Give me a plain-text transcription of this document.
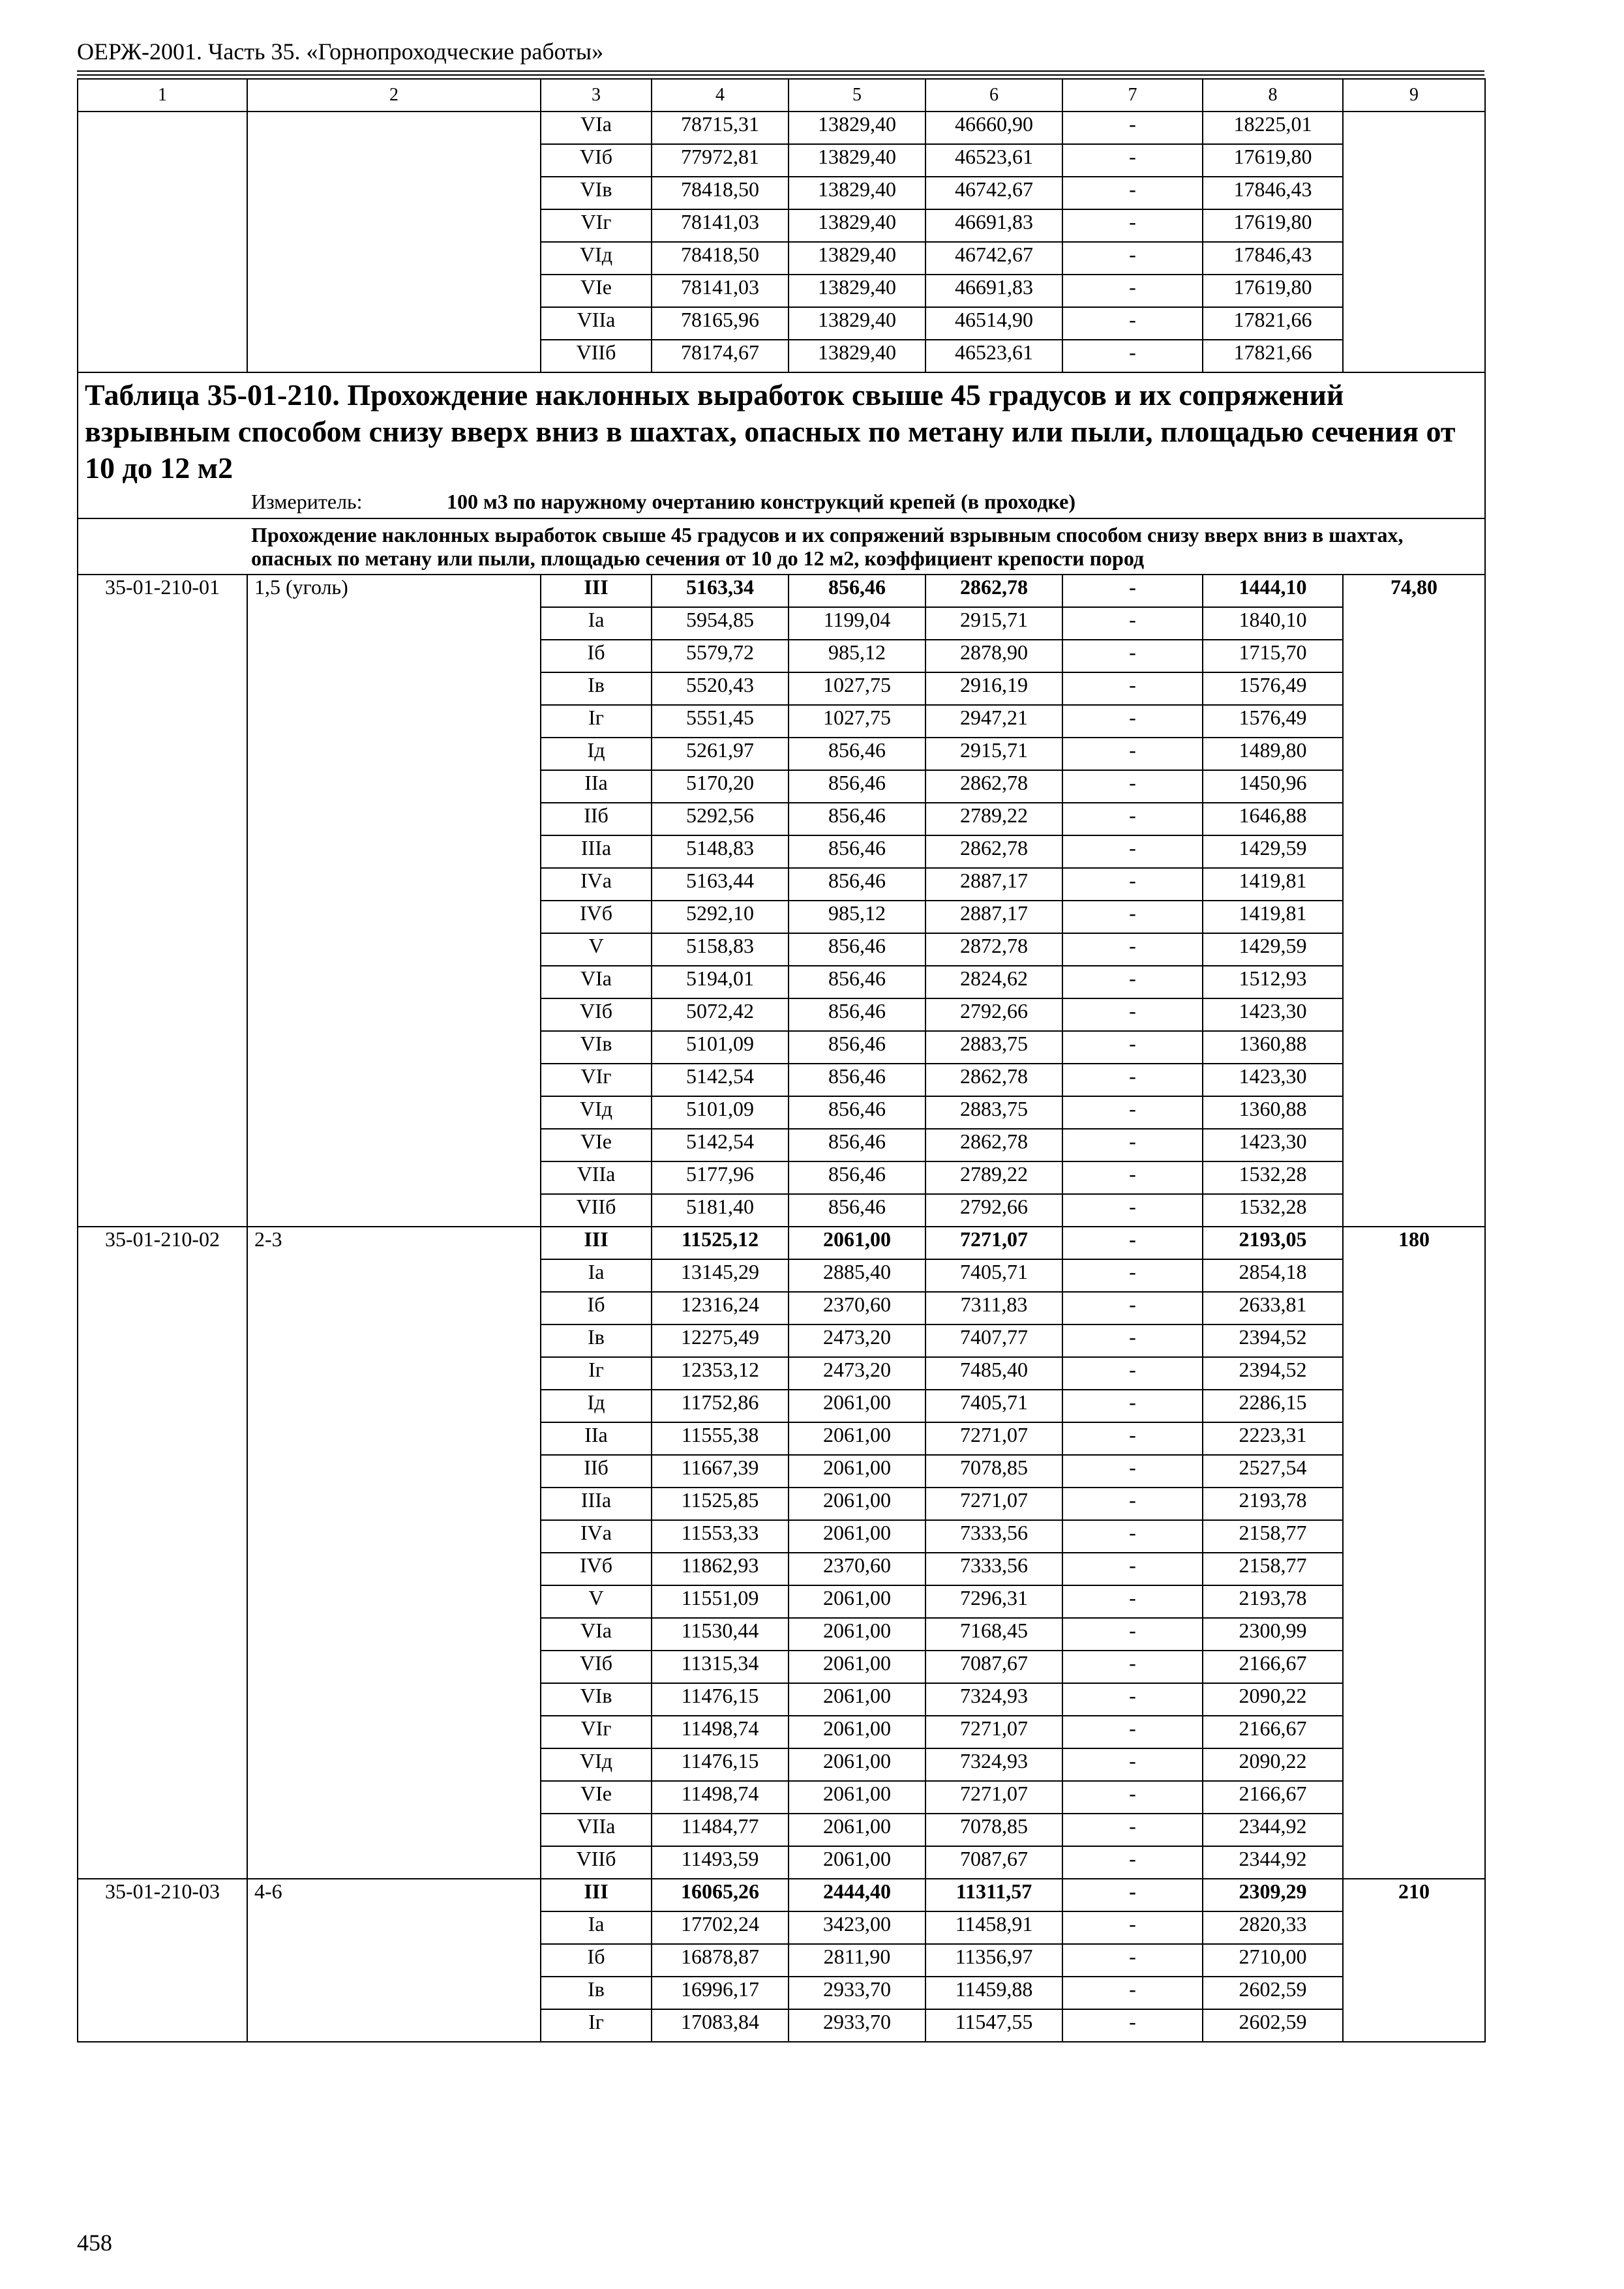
ОЕРЖ-2001. Часть 35. «Горнопроходческие работы»
1	2	3	4	5	6	7	8	9
		VIа	78715,31	13829,40	46660,90	-	18225,01	
		VIб	77972,81	13829,40	46523,61	-	17619,80	
		VIв	78418,50	13829,40	46742,67	-	17846,43	
		VIг	78141,03	13829,40	46691,83	-	17619,80	
		VIд	78418,50	13829,40	46742,67	-	17846,43	
		VIе	78141,03	13829,40	46691,83	-	17619,80	
		VIIа	78165,96	13829,40	46514,90	-	17821,66	
		VIIб	78174,67	13829,40	46523,61	-	17821,66	

Таблица 35-01-210. Прохождение наклонных выработок свыше 45 градусов и их сопряжений взрывным способом снизу вверх вниз в шахтах, опасных по метану или пыли, площадью сечения от 10 до 12 м2
Измеритель: 100 м3 по наружному очертанию конструкций крепей (в проходке)								

Прохождение наклонных выработок свыше 45 градусов и их сопряжений взрывным способом снизу вверх вниз в шахтах, опасных по метану или пыли, площадью сечения от 10 до 12 м2, коэффициент крепости пород								

35-01-210-01	1,5 (уголь)	III	5163,34	856,46	2862,78	-	1444,10	74,80
		Iа	5954,85	1199,04	2915,71	-	1840,10	
		Iб	5579,72	985,12	2878,90	-	1715,70	
		Iв	5520,43	1027,75	2916,19	-	1576,49	
		Iг	5551,45	1027,75	2947,21	-	1576,49	
		Iд	5261,97	856,46	2915,71	-	1489,80	
		IIа	5170,20	856,46	2862,78	-	1450,96	
		IIб	5292,56	856,46	2789,22	-	1646,88	
		IIIа	5148,83	856,46	2862,78	-	1429,59	
		IVа	5163,44	856,46	2887,17	-	1419,81	
		IVб	5292,10	985,12	2887,17	-	1419,81	
		V	5158,83	856,46	2872,78	-	1429,59	
		VIа	5194,01	856,46	2824,62	-	1512,93	
		VIб	5072,42	856,46	2792,66	-	1423,30	
		VIв	5101,09	856,46	2883,75	-	1360,88	
		VIг	5142,54	856,46	2862,78	-	1423,30	
		VIд	5101,09	856,46	2883,75	-	1360,88	
		VIе	5142,54	856,46	2862,78	-	1423,30	
		VIIа	5177,96	856,46	2789,22	-	1532,28	
		VIIб	5181,40	856,46	2792,66	-	1532,28	
35-01-210-02	2-3	III	11525,12	2061,00	7271,07	-	2193,05	180
		Iа	13145,29	2885,40	7405,71	-	2854,18	
		Iб	12316,24	2370,60	7311,83	-	2633,81	
		Iв	12275,49	2473,20	7407,77	-	2394,52	
		Iг	12353,12	2473,20	7485,40	-	2394,52	
		Iд	11752,86	2061,00	7405,71	-	2286,15	
		IIа	11555,38	2061,00	7271,07	-	2223,31	
		IIб	11667,39	2061,00	7078,85	-	2527,54	
		IIIа	11525,85	2061,00	7271,07	-	2193,78	
		IVа	11553,33	2061,00	7333,56	-	2158,77	
		IVб	11862,93	2370,60	7333,56	-	2158,77	
		V	11551,09	2061,00	7296,31	-	2193,78	
		VIа	11530,44	2061,00	7168,45	-	2300,99	
		VIб	11315,34	2061,00	7087,67	-	2166,67	
		VIв	11476,15	2061,00	7324,93	-	2090,22	
		VIг	11498,74	2061,00	7271,07	-	2166,67	
		VIд	11476,15	2061,00	7324,93	-	2090,22	
		VIе	11498,74	2061,00	7271,07	-	2166,67	
		VIIа	11484,77	2061,00	7078,85	-	2344,92	
		VIIб	11493,59	2061,00	7087,67	-	2344,92	
35-01-210-03	4-6	III	16065,26	2444,40	11311,57	-	2309,29	210
		Iа	17702,24	3423,00	11458,91	-	2820,33	
		Iб	16878,87	2811,90	11356,97	-	2710,00	
		Iв	16996,17	2933,70	11459,88	-	2602,59	
		Iг	17083,84	2933,70	11547,55	-	2602,59	
458
